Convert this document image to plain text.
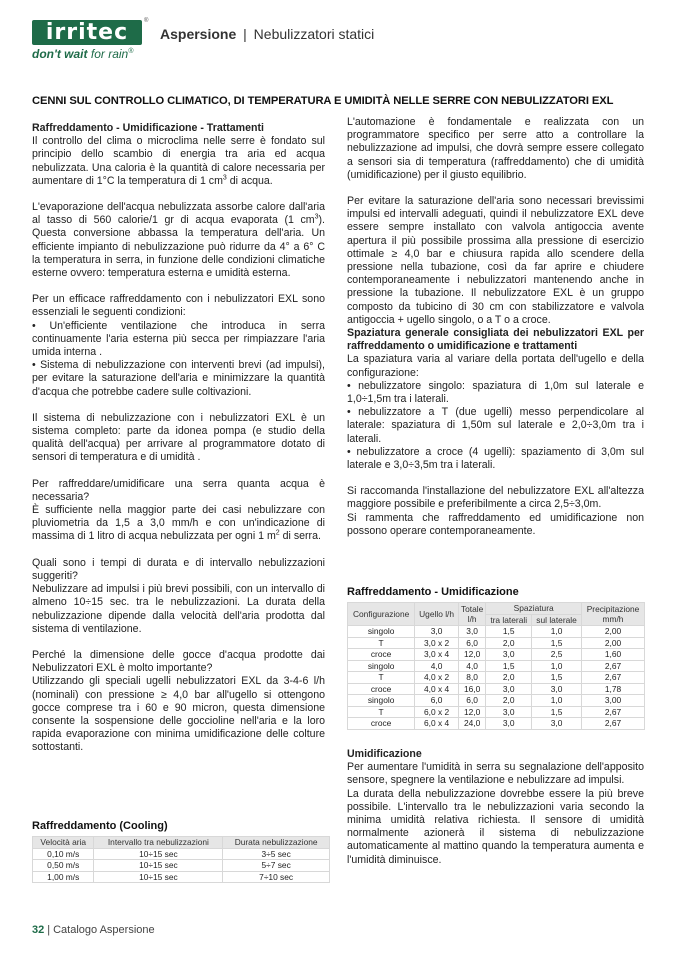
irritec	®
don't wait for rain®
Aspersione | Nebulizzatori statici
CENNI SUL CONTROLLO CLIMATICO, DI TEMPERATURA E UMIDITÀ NELLE SERRE CON NEBULIZZATORI EXL

Raffreddamento - Umidificazione - Trattamenti

Il controllo del clima o microclima nelle serre è fondato sul principio dello scambio di energia tra aria ed acqua nebulizzata. Una caloria è la quantità di calore necessaria per aumentare di 1°C la temperatura di 1 $cm^3$ di acqua.

L'evaporazione dell'acqua nebulizzata assorbe calore dall'aria al tasso di 560 calorie/1 gr di acqua evaporata (1 $cm^3$). Questa conversione abbassa la temperatura dell'aria. Un efficiente impianto di nebulizzazione può ridurre da 4° a 6° C la temperatura in serra, in funzione delle condizioni climatiche esterne ovvero: temperatura esterna e umidità esterna.

Per un efficace raffreddamento con i nebulizzatori EXL sono essenziali le seguenti condizioni:
• Un'efficiente ventilazione che introduca in serra continuamente l'aria esterna più secca per rimpiazzare l'aria umida interna .
• Sistema di nebulizzazione con interventi brevi (ad impulsi), per evitare la saturazione dell'aria e minimizzare la quantità d'acqua che potrebbe cadere sulle coltivazioni.

Il sistema di nebulizzazione con i nebulizzatori EXL è un sistema completo: parte da idonea pompa (e studio della qualità dell'acqua) per arrivare al programmatore dotato di sensori di temperatura e di umidità .

Per raffreddare/umidificare una serra quanta acqua è necessaria?
È sufficiente nella maggior parte dei casi nebulizzare con pluviometria da 1,5 a 3,0 mm/h e con un'indicazione di massima di 1 litro di acqua nebulizzata per ogni 1 $m^2$ di serra.

Quali sono i tempi di durata e di intervallo nebulizzazioni suggeriti?
Nebulizzare ad impulsi i più brevi possibili, con un intervallo di almeno 10÷15 sec. tra le nebulizzazioni. La durata della nebulizzazione dipende dalla velocità dell'aria prodotta dal sistema di ventilazione.

Perché la dimensione delle gocce d'acqua prodotte dai Nebulizzatori EXL è molto importante?
Utilizzando gli speciali ugelli nebulizzatori EXL da 3-4-6 l/h (nominali) con pressione ≥ 4,0 bar all'ugello si ottengono gocce comprese tra i 60 e 90 micron, questa dimensione consente la sospensione delle goccioline nell'aria e la loro rapida evaporazione con minima umidificazione delle colture sottostanti.

L'automazione è fondamentale e realizzata con un programmatore specifico per serre atto a controllare la nebulizzazione ad impulsi, che dovrà sempre essere collegato a sensori sia di temperatura (raffreddamento) che di umidità (umidificazione) per il giusto equilibrio.

Per evitare la saturazione dell'aria sono necessari brevissimi impulsi ed intervalli adeguati, quindi il nebulizzatore EXL deve essere sempre installato con valvola antigoccia avente apertura il più possibile prossima alla pressione di esercizio ottimale ≥ 4,0 bar e chiusura rapida allo scendere della pressione nella tubazione, così da far aprire e chiudere contemporaneamente i nebulizzatori mantenendo anche in pressione la tubazione. Il nebulizzatore EXL è un gruppo composto da tubicino di 30 cm con stabilizzatore e valvola antigoccia + ugello singolo, o a T o a croce.

Spaziatura generale consigliata dei nebulizzatori EXL per raffreddamento o umidificazione e trattamenti

La spaziatura varia al variare della portata dell'ugello e della configurazione:
• nebulizzatore singolo: spaziatura di 1,0m sul laterale e 1,0÷1,5m tra i laterali.
• nebulizzatore a T (due ugelli) messo perpendicolare al laterale: spaziatura di 1,50m sul laterale e 2,0÷3,0m tra i laterali.
• nebulizzatore a croce (4 ugelli): spaziamento di 3,0m sul laterale e 3,0÷3,5m tra i laterali.

Si raccomanda l'installazione del nebulizzatore EXL all'altezza maggiore possibile e preferibilmente a circa 2,5÷3,0m.

Si rammenta che raffreddamento ed umidificazione non possono operare contemporaneamente.

Raffreddamento - Umidificazione
Configurazione	Ugello l/h	Totale l/h	Spaziatura		Precipitazione mm/h
			tra laterali	sul laterale	
singolo	3,0	3,0	1,5	1,0	2,00
T	3,0 x 2	6,0	2,0	1,5	2,00
croce	3,0 x 4	12,0	3,0	2,5	1,60
singolo	4,0	4,0	1,5	1,0	2,67
T	4,0 x 2	8,0	2,0	1,5	2,67
croce	4,0 x 4	16,0	3,0	3,0	1,78
singolo	6,0	6,0	2,0	1,0	3,00
T	6,0 x 2	12,0	3,0	1,5	2,67
croce	6,0 x 4	24,0	3,0	3,0	2,67

Umidificazione

Per aumentare l'umidità in serra su segnalazione dell'apposito sensore, spegnere la ventilazione e nebulizzare ad impulsi.

La durata della nebulizzazione dovrebbe essere la più breve possibile. L'intervallo tra le nebulizzazioni varia secondo la minima umidità relativa richiesta. Il sensore di umidità normalmente azionerà il sistema di nebulizzazione automaticamente al mattino quando la temperatura aumenta e l'umidità diminuisce.

Raffreddamento (Cooling)
Velocità aria	Intervallo tra nebulizzazioni	Durata nebulizzazione
0,10 m/s	10÷15 sec	3÷5 sec
0,50 m/s	10÷15 sec	5÷7 sec
1,00 m/s	10÷15 sec	7÷10 sec
32 | Catalogo Aspersione
